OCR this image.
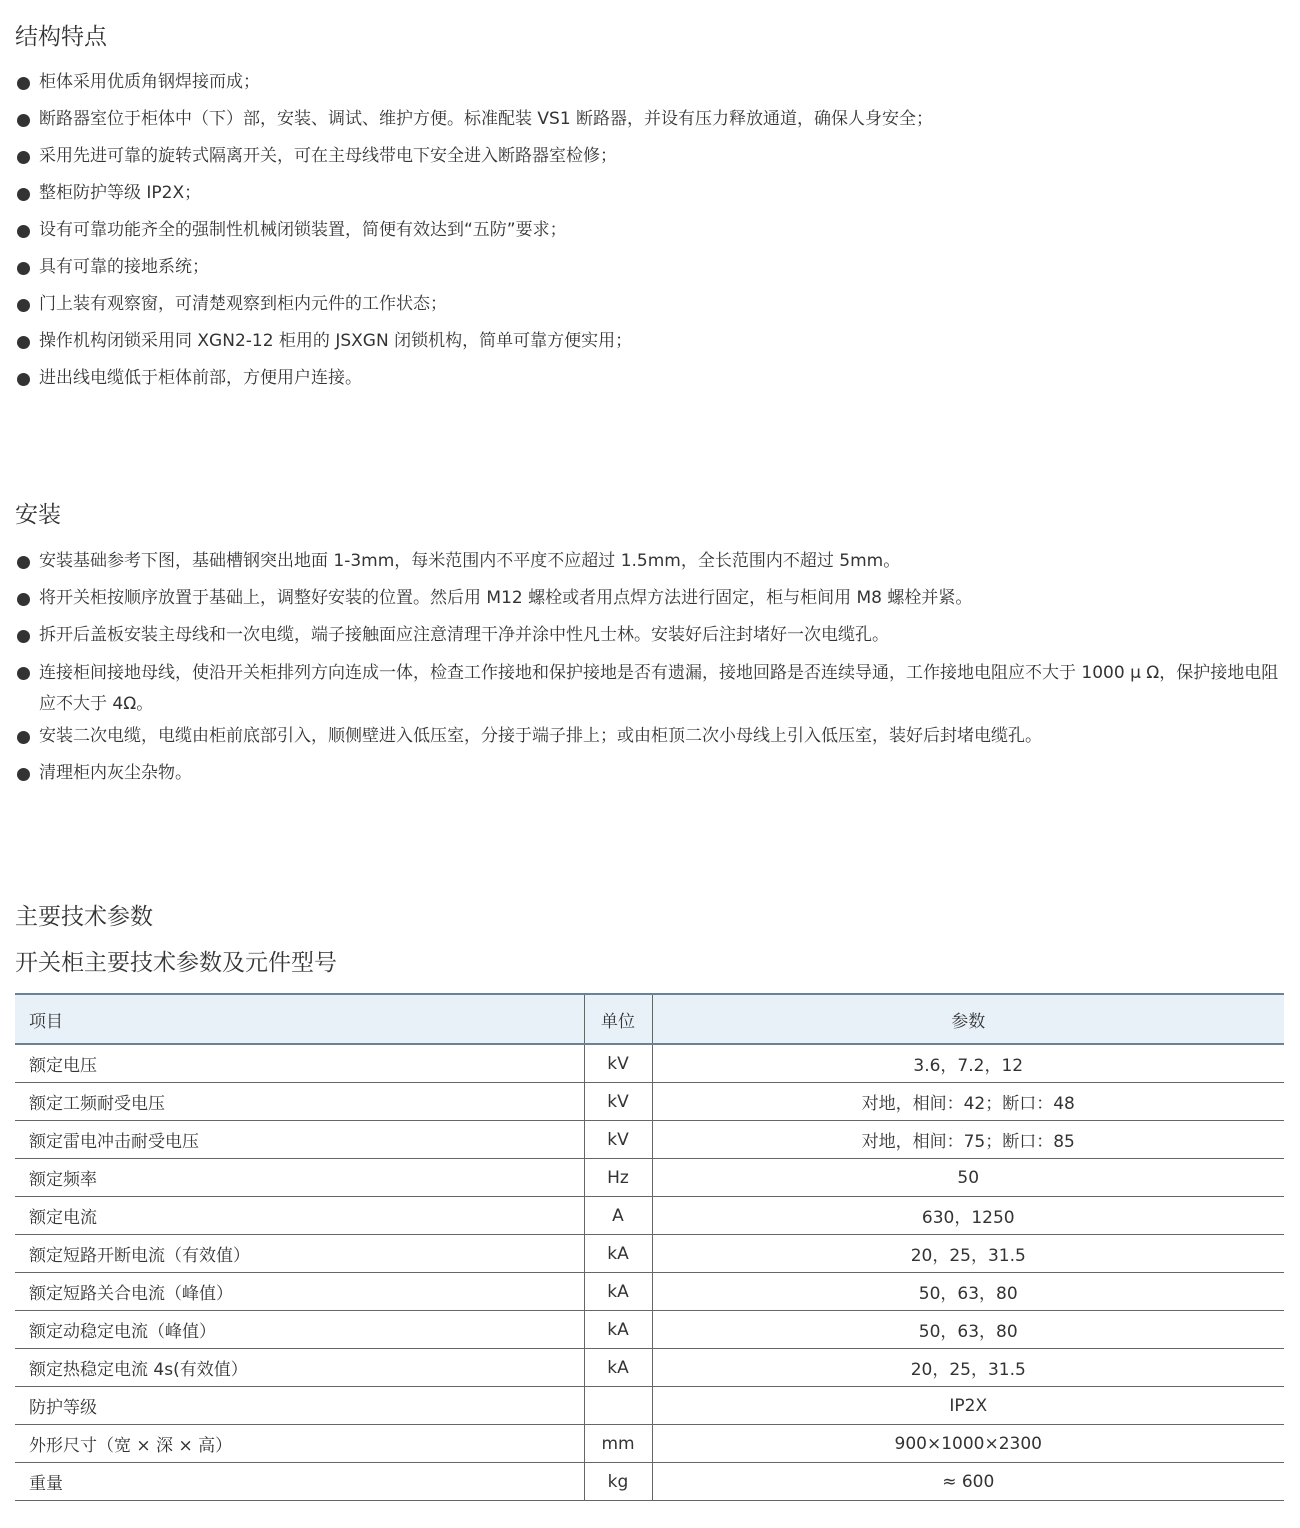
结构特点
柜体采用优质角钢焊接而成；
断路器室位于柜体中（下）部，安装、调试、维护方便。标准配装 VS1 断路器，并设有压力释放通道，确保人身安全；
采用先进可靠的旋转式隔离开关，可在主母线带电下安全进入断路器室检修；
整柜防护等级 IP2X；
设有可靠功能齐全的强制性机械闭锁装置，简便有效达到“五防”要求；
具有可靠的接地系统；
门上装有观察窗，可清楚观察到柜内元件的工作状态；
操作机构闭锁采用同 XGN2-12 柜用的 JSXGN 闭锁机构，简单可靠方便实用；
进出线电缆低于柜体前部，方便用户连接。
安装
安装基础参考下图，基础槽钢突出地面 1-3mm，每米范围内不平度不应超过 1.5mm，全长范围内不超过 5mm。
将开关柜按顺序放置于基础上，调整好安装的位置。然后用 M12 螺栓或者用点焊方法进行固定，柜与柜间用 M8 螺栓并紧。
拆开后盖板安装主母线和一次电缆，端子接触面应注意清理干净并涂中性凡士林。安装好后注封堵好一次电缆孔。
连接柜间接地母线，使沿开关柜排列方向连成一体，检查工作接地和保护接地是否有遗漏，接地回路是否连续导通，工作接地电阻应不大于 1000 μ Ω，保护接地电阻应不大于 4Ω。
安装二次电缆，电缆由柜前底部引入，顺侧壁进入低压室，分接于端子排上；或由柜顶二次小母线上引入低压室，装好后封堵电缆孔。
清理柜内灰尘杂物。
主要技术参数
开关柜主要技术参数及元件型号
项目	单位	参数
额定电压	kV	3.6，7.2，12
额定工频耐受电压	kV	对地，相间：42；断口：48
额定雷电冲击耐受电压	kV	对地，相间：75；断口：85
额定频率	Hz	50
额定电流	A	630，1250
额定短路开断电流（有效值）	kA	20，25，31.5
额定短路关合电流（峰值）	kA	50，63，80
额定动稳定电流（峰值）	kA	50，63，80
额定热稳定电流 4s(有效值）	kA	20，25，31.5
防护等级		IP2X
外形尺寸（宽 × 深 × 高）	mm	900×1000×2300
重量	kg	≈ 600
